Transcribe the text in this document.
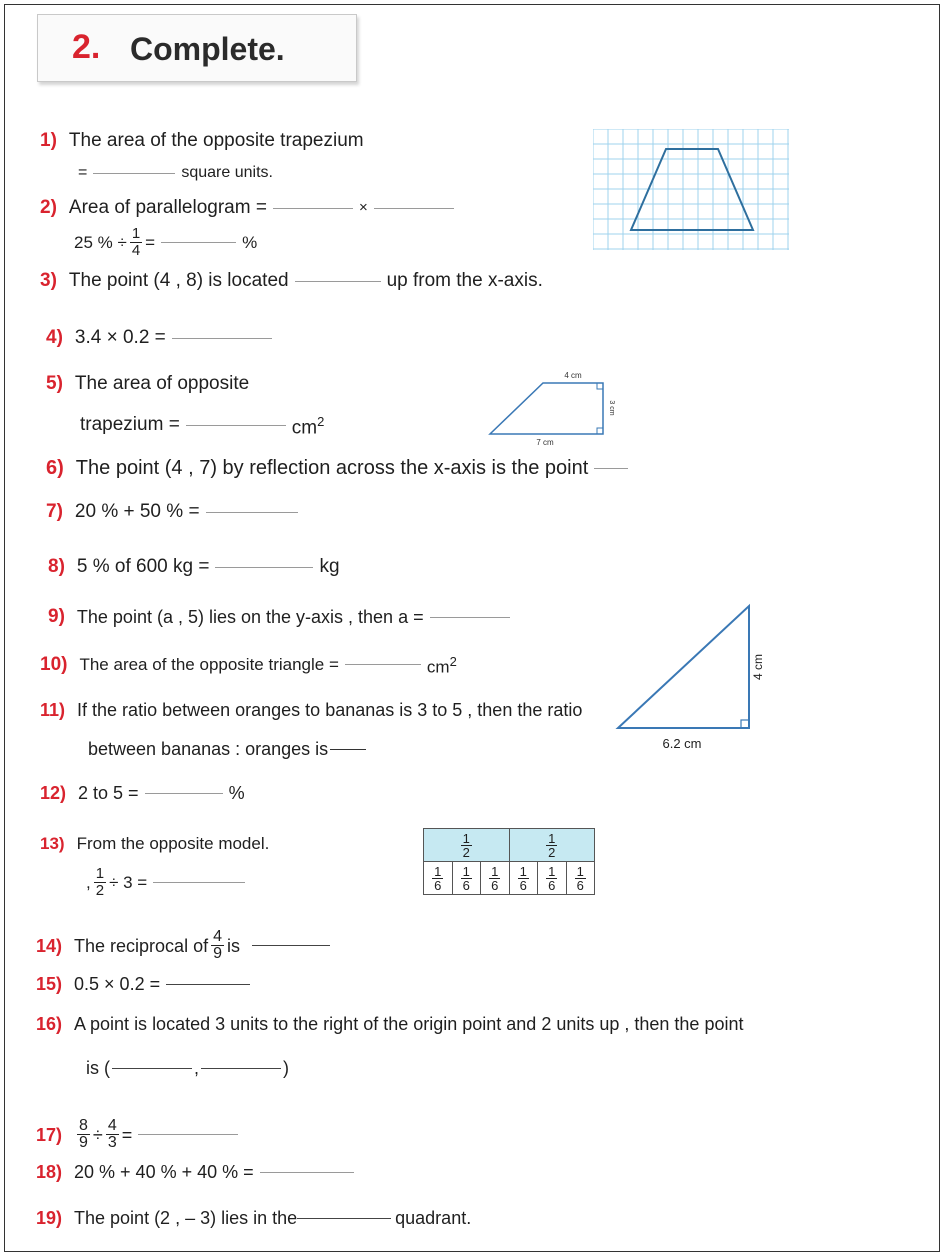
2. Complete.
1) The area of the opposite trapezium
=	square units.
2) Area of parallelogram =	×
25 % ÷ $\frac{1}{4}$ =	%
3) The point (4 , 8) is located	up from the x-axis.
4) 3.4 × 0.2 =
5) The area of opposite
trapezium =	$cm^2$
4 cm
7 cm
3 cm
6) The point (4 , 7) by reflection across the x-axis is the point
7) 20 % + 50 % =
8) 5 % of 600 kg =	kg
9) The point (a , 5) lies on the y-axis , then a =
10) The area of the opposite triangle =	$cm^2$	4 cm
6.2 cm
11) If the ratio between oranges to bananas is 3 to 5 , then the ratio
between bananas : oranges is
12) 2 to 5 =	%
13) From the opposite model.
, $\frac{1}{2} \div 3$ =
$\frac{1}{2}$			$\frac{1}{2}$

$\frac{1}{6}$	$\frac{1}{6}$	$\frac{1}{6}$	$\frac{1}{6}$	$\frac{1}{6}$	$\frac{1}{6}$
14) The reciprocal of $\frac{4}{9}$ is
15) 0.5 × 0.2 =
16) A point is located 3 units to the right of the origin point and 2 units up , then the point
is (	,	)
$17) \frac{8}{9} \div \frac{4}{3}$ =
18) 20 % + 40 % + 40 % =
19) The point (2 , – 3) lies in the	quadrant.
